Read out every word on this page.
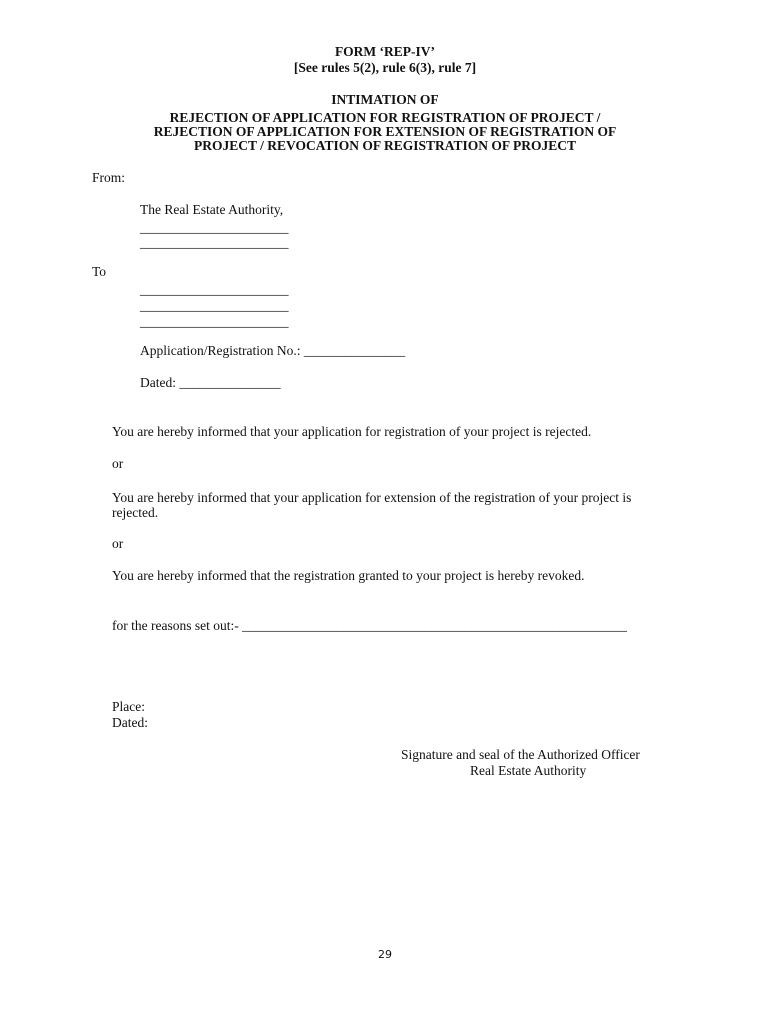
FORM ‘REP-IV’
[See rules 5(2), rule 6(3), rule 7]
INTIMATION OF
REJECTION OF APPLICATION FOR REGISTRATION OF PROJECT /
REJECTION OF APPLICATION FOR EXTENSION OF REGISTRATION OF
PROJECT / REVOCATION OF REGISTRATION OF PROJECT
From:
The Real Estate Authority,
______________________
______________________
To
______________________
______________________
______________________
Application/Registration No.: _______________
Dated: _______________
You are hereby informed that your application for registration of your project is rejected.
or
You are hereby informed that your application for extension of the registration of your project is rejected.
or
You are hereby informed that the registration granted to your project is hereby revoked.
for the reasons set out:- _________________________________________________________
Place:
Dated:
Signature and seal of the Authorized Officer
Real Estate Authority
29
